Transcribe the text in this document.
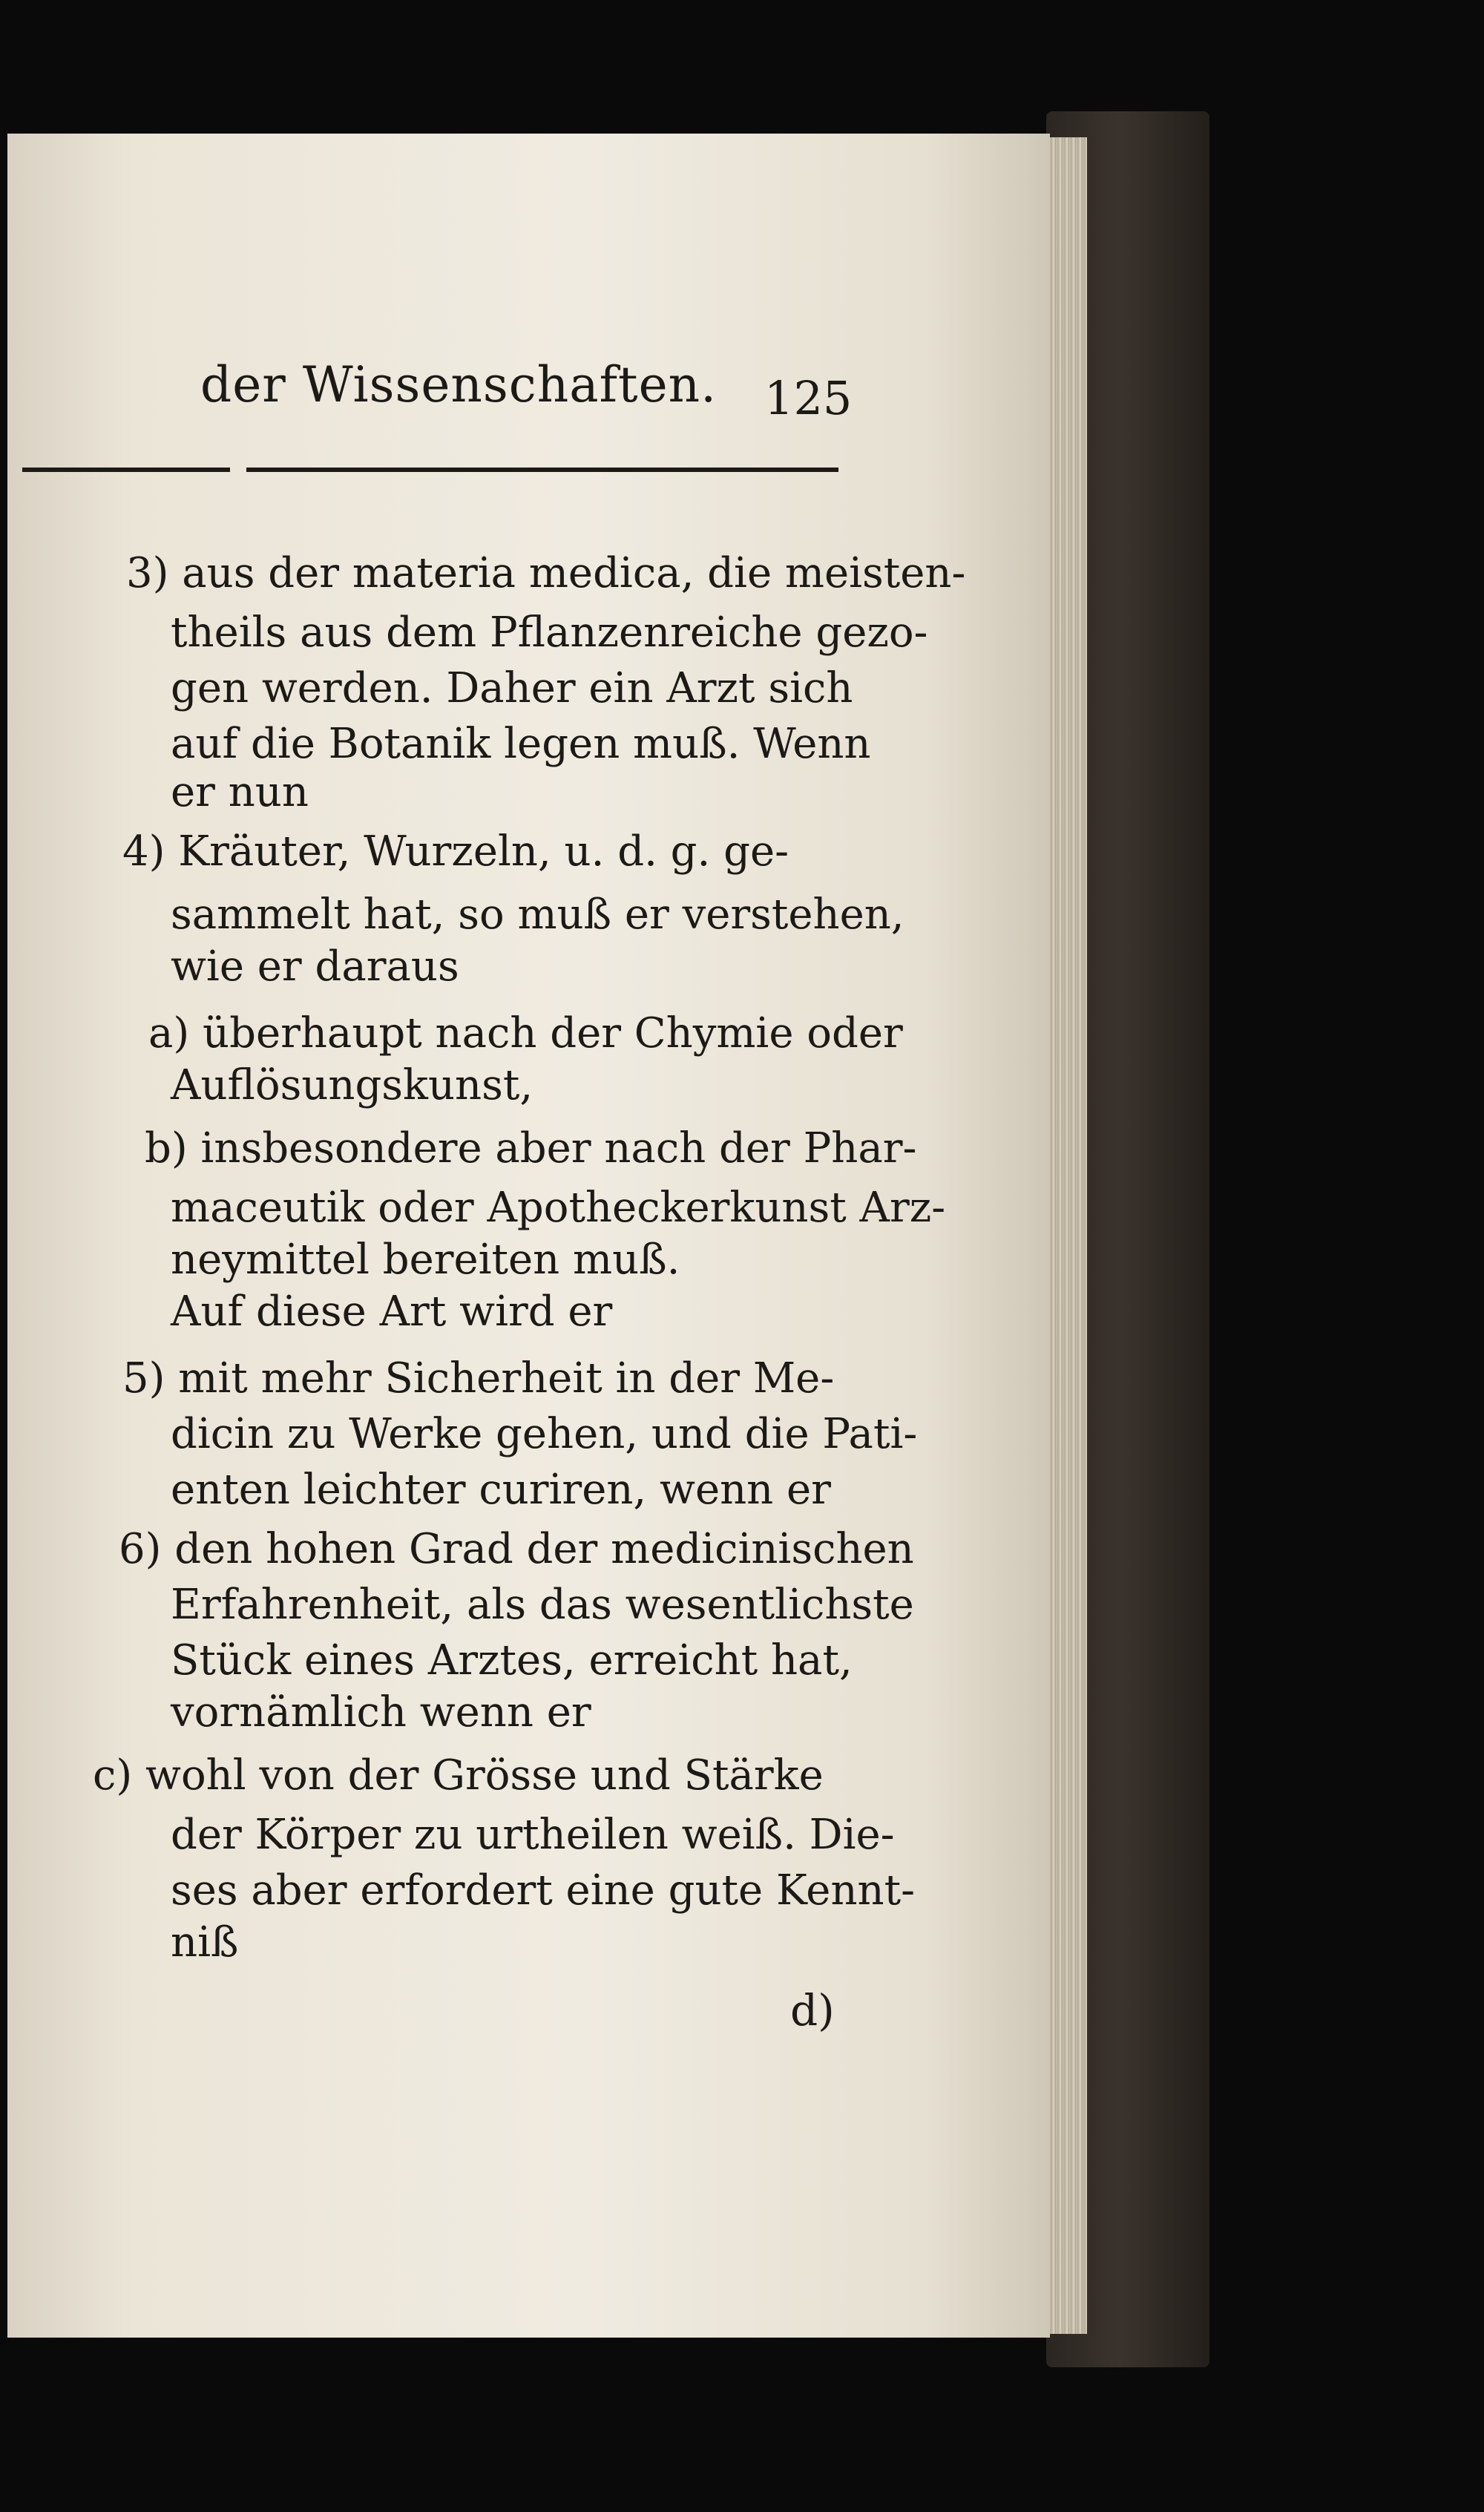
der Wissenschaften. 125
3) aus der materia medica, die meisten-
theils aus dem Pflanzenreiche gezo-
gen werden. Daher ein Arzt sich
auf die Botanik legen muß. Wenn
er nun
4) Kräuter, Wurzeln, u. d. g. ge-
sammelt hat, so muß er verstehen,
wie er daraus
a) überhaupt nach der Chymie oder
Auflösungskunst,
b) insbesondere aber nach der Phar-
maceutik oder Apotheckerkunst Arz-
neymittel bereiten muß.
Auf diese Art wird er
5) mit mehr Sicherheit in der Me-
dicin zu Werke gehen, und die Pati-
enten leichter curiren, wenn er
6) den hohen Grad der medicinischen
Erfahrenheit, als das wesentlichste
Stück eines Arztes, erreicht hat,
vornämlich wenn er
c) wohl von der Grösse und Stärke
der Körper zu urtheilen weiß. Die-
ses aber erfordert eine gute Kennt-
niß
d)
